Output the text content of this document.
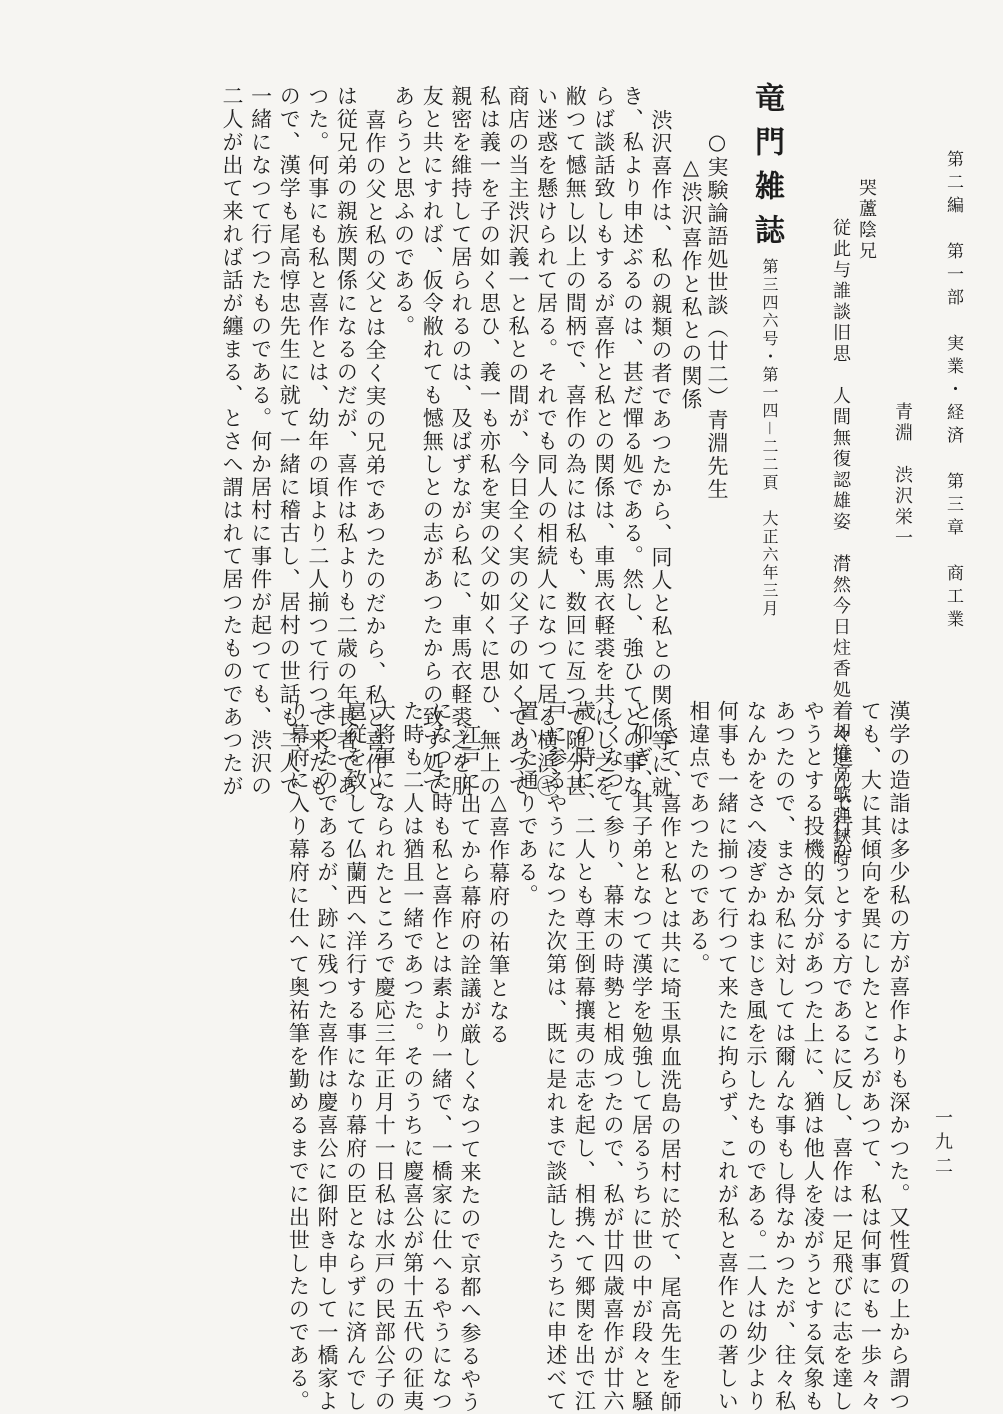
第二編　第一部　実業・経済　第三章　商工業
一九二
青淵　渋沢栄一
哭蘆陰兄
従此与誰談旧思　人間無復認雄姿　潸然今日炷香処　却憶高歌弾鋏時
竜門雑誌
第三四六号・第一四－二二頁　大正六年三月
○実験論語処世談（廿二）青淵先生
△渋沢喜作と私との関係
渋沢喜作は、私の親類の者であつたから、同人と私との関係等に就
き、私より申述ぶるのは、甚だ憚る処である。然し、強ひてとの事な
らば談話致しもするが喜作と私との関係は、車馬衣軽裘を共にし之を
敝つて憾無し以上の間柄で、喜作の為には私も、数回に亙つて随分甚
い迷惑を懸けられて居る。それでも同人の相続人になつて居る横浜㋖
商店の当主渋沢義一と私との間が、今日全く実の父子の如くであつて
私は義一を子の如く思ひ、義一も亦私を実の父の如くに思ひ、無上の
親密を維持して居られるのは、及ばずながら私に、車馬衣軽裘之を朋
友と共にすれば、仮令敝れても憾無しとの志があつたからの致す処で
あらうと思ふのである。
喜作の父と私の父とは全く実の兄弟であつたのだから、私と喜作と
は従兄弟の親族関係になるのだが、喜作は私よりも二歳の年長者であ
つた。何事にも私と喜作とは、幼年の頃より二人揃つて行つて来たも
ので、漢学も尾高惇忠先生に就て一緒に稽古し、居村の世話も二人で
一緒になつて行つたものである。何か居村に事件が起つても、渋沢の
二人が出て来れば話が纏まる、とさへ謂はれて居つたものであつたが
漢学の造詣は多少私の方が喜作よりも深かつた。又性質の上から謂つ
ても、大に其傾向を異にしたところがあつて、私は何事にも一歩々々
着々進んで行かうとする方であるに反し、喜作は一足飛びに志を達し
やうとする投機的気分があつた上に、猶は他人を凌がうとする気象も
あつたので、まさか私に対しては爾んな事もし得なかつたが、往々私
なんかをさへ凌ぎかねまじき風を示したものである。二人は幼少より
何事も一緒に揃つて行つて来たに拘らず、これが私と喜作との著しい
相違点であつたのである。
さて、喜作と私とは共に埼玉県血洗島の居村に於て、尾高先生を師
と仰ぎ、其子弟となつて漢学を勉強して居るうちに世の中が段々と騒
しくなつて参り、幕末の時勢と相成つたので、私が廿四歳喜作が廿六
歳の時に、二人とも尊王倒幕攘夷の志を起し、相携へて郷関を出で江
戸に参るやうになつた次第は、既に是れまで談話したうちに申述べて
置いた通りである。
△喜作幕府の祐筆となる
江戸に出てから幕府の詮議が厳しくなつて来たので京都へ参るやう
になつた時も私と喜作とは素より一緒で、一橋家に仕へるやうになつ
た時も二人は猶且一緒であつた。そのうちに慶喜公が第十五代の征夷
大将軍になられたところで慶応三年正月十一日私は水戸の民部公子の
扈従を致して仏蘭西へ洋行する事になり幕府の臣とならずに済んでし
まつたのであるが、跡に残つた喜作は慶喜公に御附き申して一橋家よ
り幕府に入り幕府に仕へて奥祐筆を勤めるまでに出世したのである。
